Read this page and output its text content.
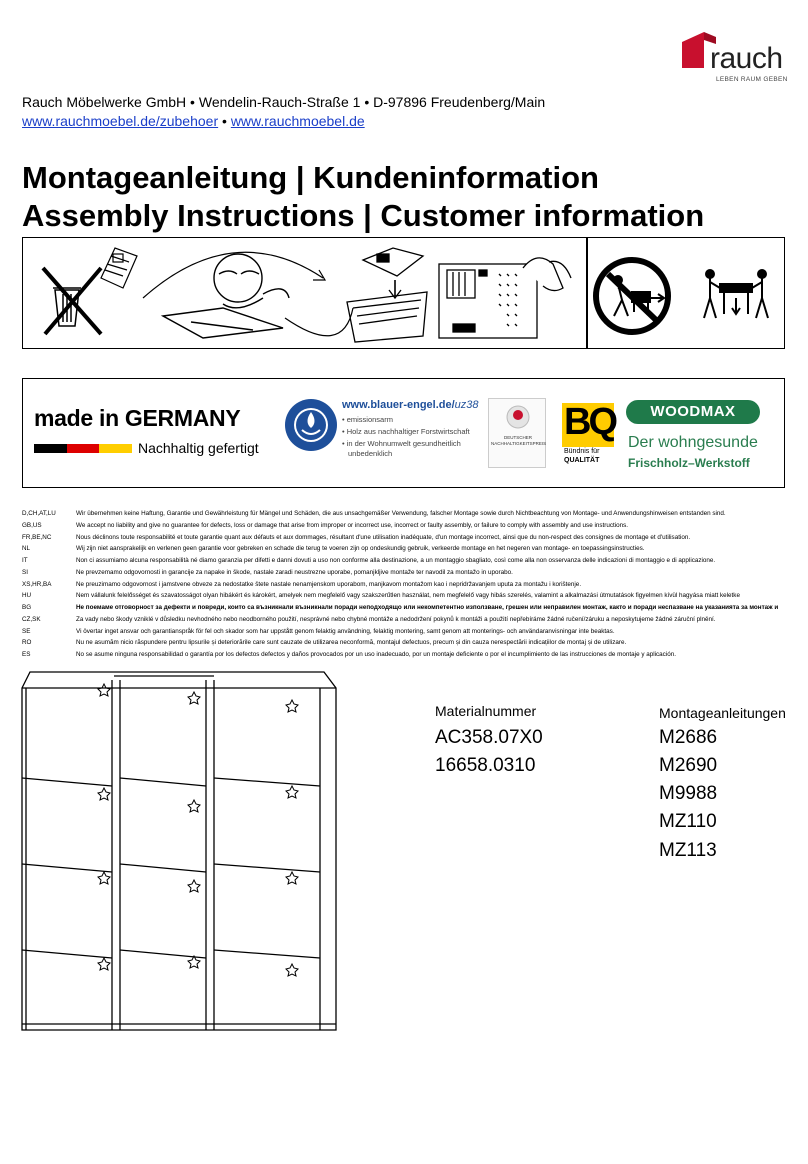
rauch
LEBEN RAUM GEBEN
Rauch Möbelwerke GmbH • Wendelin-Rauch-Straße 1 • D-97896 Freudenberg/Main
www.rauchmoebel.de/zubehoer • www.rauchmoebel.de
Montageanleitung | Kundeninformation
Assembly Instructions | Customer information
made in GERMANY
Nachhaltig gefertigt
www.blauer-engel.de/uz38
• emissionsarm
• Holz aus nachhaltiger Forstwirtschaft
• in der Wohnumwelt gesundheitlich
unbedenklich
DEUTSCHER
NACHHALTIGKEITSPREIS
BQ
Bündnis für
QUALITÄT
WOODMAX
Der wohngesunde
Frischholz–Werkstoff
D,CH,AT,LU	Wir übernehmen keine Haftung, Garantie und Gewährleistung für Mängel und Schäden, die aus unsachgemäßer Verwendung, falscher Montage sowie durch Nichtbeachtung von Montage- und Anwendungshinweisen entstanden sind.
GB,US	We accept no liability and give no guarantee for defects, loss or damage that arise from improper or incorrect use, incorrect or faulty assembly, or failure to comply with assembly and use instructions.
FR,BE,NC	Nous déclinons toute responsabilité et toute garantie quant aux défauts et aux dommages, résultant d'une utilisation inadéquate, d'un montage incorrect, ainsi que du non-respect des consignes de montage et d'utilisation.
NL	Wij zijn niet aansprakelijk en verlenen geen garantie voor gebreken en schade die terug te voeren zijn op ondeskundig gebruik, verkeerde montage en het negeren van montage- en toepassingsinstructies.
IT	Non ci assumiamo alcuna responsabilità né diamo garanzia per difetti e danni dovuti a uso non conforme alla destinazione, a un montaggio sbagliato, così come alla non osservanza delle indicazioni di montaggio e di applicazione.
SI	Ne prevzemamo odgovornosti in garancije za napake in škode, nastale zaradi neustrezne uporabe, pomanjkljive montaže ter navodil za montažo in uporabo.
XS,HR,BA	Ne preuzimamo odgovornost i jamstvene obveze za nedostatke štete nastale nenamjenskom uporabom, manjkavom montažom kao i nepridržavanjem uputa za montažu i korištenje.
HU	Nem vállalunk felelősséget és szavatosságot olyan hibákért és károkért, amelyek nem megfelelő vagy szakszerűtlen használat, nem megfelelő vagy hibás szerelés, valamint a alkalmazási útmutatások figyelmen kívül hagyása miatt keletke
BG	Не поемаме отговорност за дефекти и повреди, които са възникнали възникнали поради неподходящо или некомпетентно използване, грешен или неправилен монтаж, както и поради неспазване на указанията за монтаж и
CZ,SK	Za vady nebo škody vzniklé v důsledku nevhodného nebo neodborného použití, nesprávné nebo chybné montáže a nedodržení pokynů k montáži a použití nepřebíráme žádné ručení/záruku a neposkytujeme žádné záruční plnění.
SE	Vi övertar inget ansvar och garantianspråk för fel och skador som har uppstått genom felaktig användning, felaktig montering, samt genom att monterings- och användaranvisningar inte beaktas.
RO	Nu ne asumăm nicio răspundere pentru lipsurile și deteriorările care sunt cauzate de utilizarea neconformă, montajul defectuos, precum și din cauza nerespectării indicațiilor de montaj și de utilizare.
ES	No se asume ninguna responsabilidad o garantía por los defectos defectos y daños provocados por un uso inadecuado, por un montaje deficiente o por el incumplimiento de las instrucciones de montaje y aplicación.
Materialnummer
AC358.07X0
16658.0310
Montageanleitungen
M2686
M2690
M9988
MZ110
MZ113
